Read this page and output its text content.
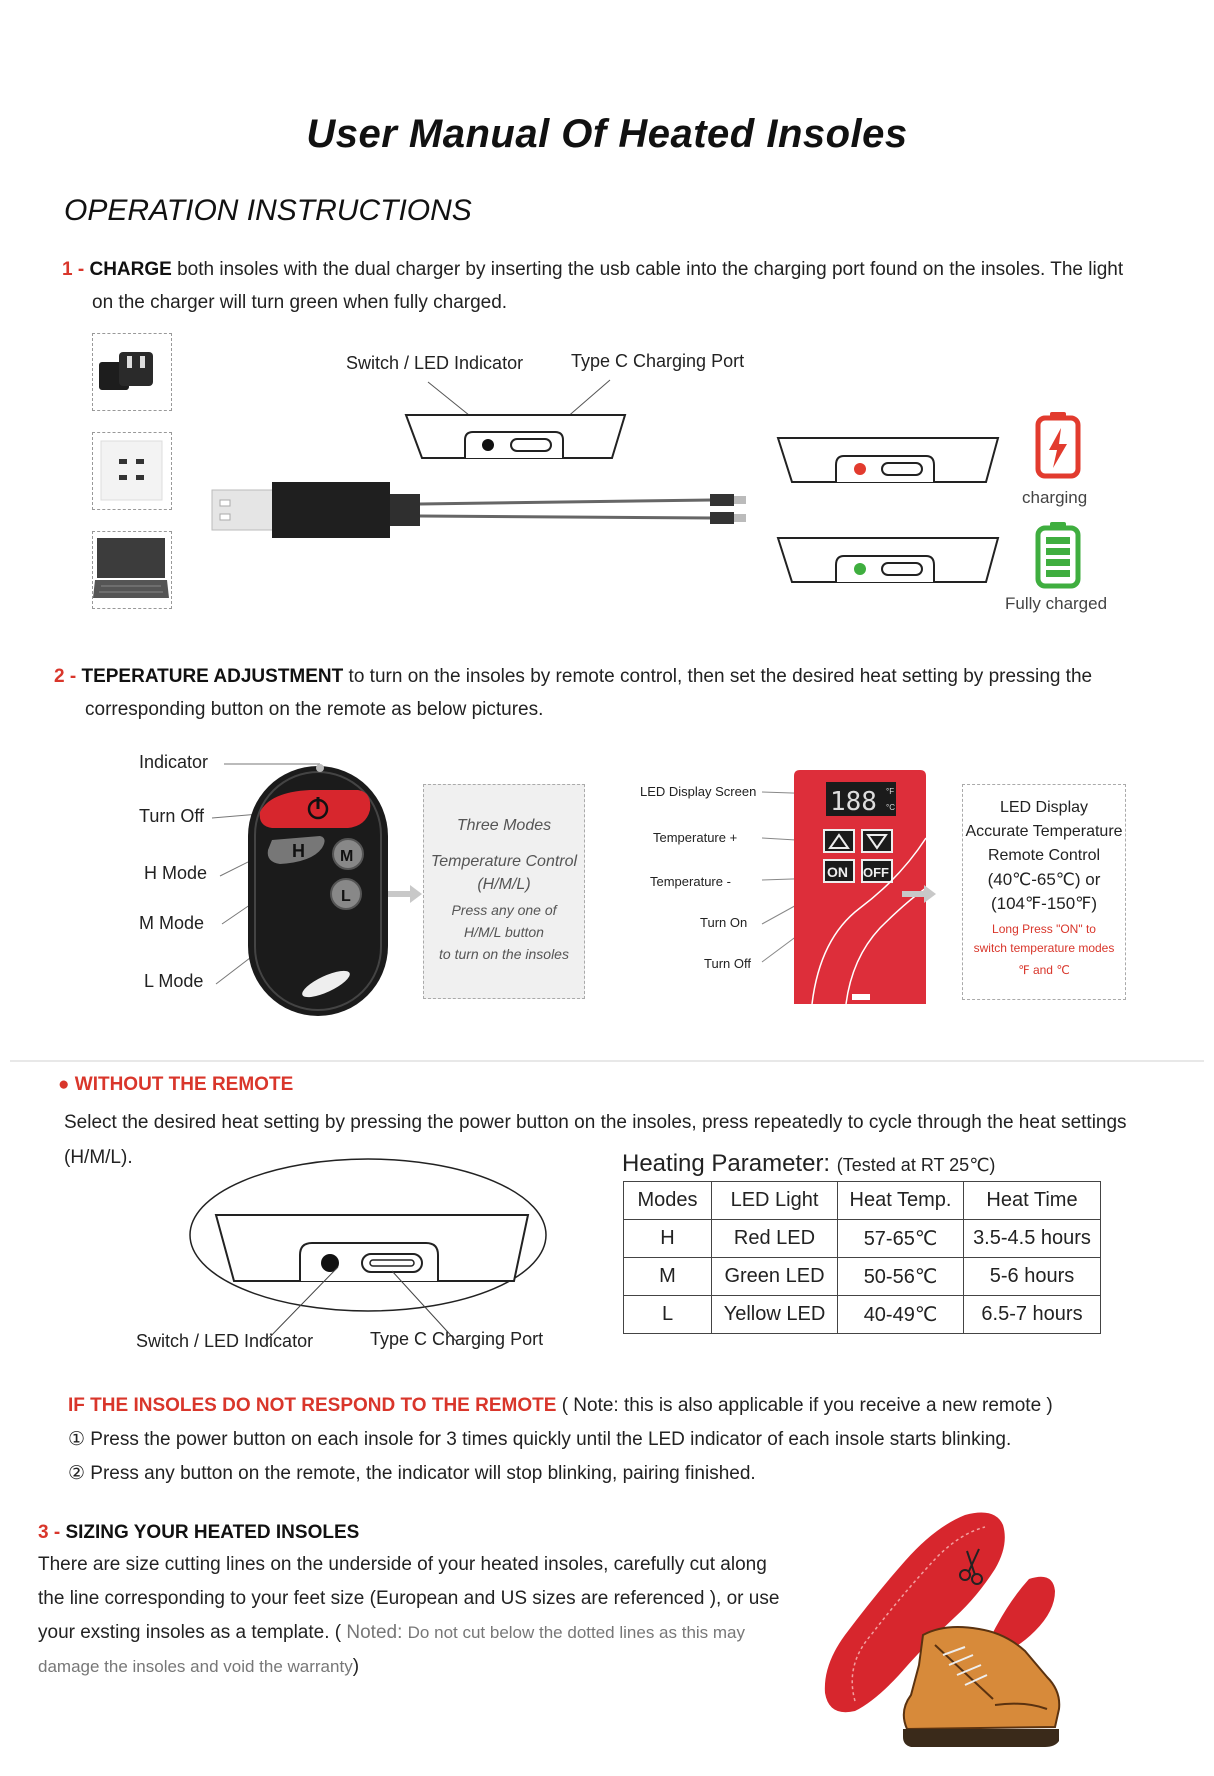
User Manual Of Heated Insoles
OPERATION INSTRUCTIONS
1 - CHARGE both insoles with the dual charger by inserting the usb cable into the charging port found on the insoles. The light
on the charger will turn green when fully charged.
Switch / LED Indicator	Type C Charging Port
charging
Fully charged
2 - TEPERATURE ADJUSTMENT to turn on the insoles by remote control, then set the desired heat setting by pressing the
corresponding button on the remote as below pictures.
Indicator
Turn Off
H Mode
M Mode
L Mode
H M
L
Three Modes
Temperature Control
(H/M/L)
Press any one of
H/M/L button
to turn on the insoles
LED Display Screen
Temperature +
Temperature -
Turn On
Turn Off
188 °F
°C
ON OFF
LED Display
Accurate Temperature
Remote Control
(40℃-65℃) or
(104℉-150℉)
Long Press "ON" to
switch temperature modes
℉ and ℃
● WITHOUT THE REMOTE
Select the desired heat setting by pressing the power button on the insoles, press repeatedly to cycle through the heat settings
(H/M/L).
Switch / LED Indicator	Type C Charging Port
Heating Parameter: (Tested at RT 25℃)
Modes	LED Light	Heat Temp.	Heat Time
H	Red LED	57-65℃	3.5-4.5 hours
M	Green LED	50-56℃	5-6 hours
L	Yellow LED	40-49℃	6.5-7 hours
IF THE INSOLES DO NOT RESPOND TO THE REMOTE ( Note: this is also applicable if you receive a new remote )
① Press the power button on each insole for 3 times quickly until the LED indicator of each insole starts blinking.
② Press any button on the remote, the indicator will stop blinking, pairing finished.
3 - SIZING YOUR HEATED INSOLES
There are size cutting lines on the underside of your heated insoles, carefully cut along
the line corresponding to your feet size (European and US sizes are referenced ), or use
your exsting insoles as a template. ( Noted: Do not cut below the dotted lines as this may
damage the insoles and void the warranty)
